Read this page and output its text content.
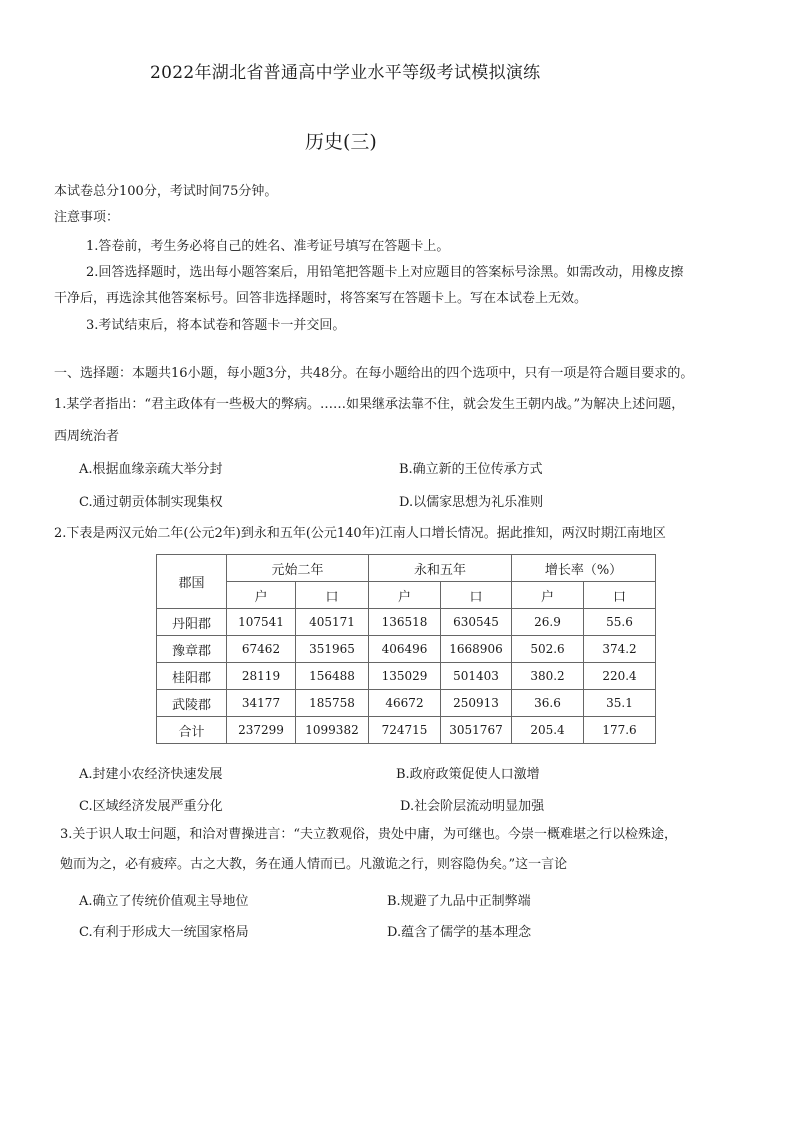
2022年湖北省普通高中学业水平等级考试模拟演练
历史(三)
本试卷总分100分，考试时间75分钟。
注意事项：
1.答卷前，考生务必将自己的姓名、准考证号填写在答题卡上。
2.回答选择题时，选出每小题答案后，用铅笔把答题卡上对应题目的答案标号涂黑。如需改动，用橡皮擦
干净后，再选涂其他答案标号。回答非选择题时，将答案写在答题卡上。写在本试卷上无效。
3.考试结束后，将本试卷和答题卡一并交回。
一、选择题：本题共16小题，每小题3分，共48分。在每小题给出的四个选项中，只有一项是符合题目要求的。
1.某学者指出：“君主政体有一些极大的弊病。……如果继承法靠不住，就会发生王朝内战。”为解决上述问题，
西周统治者
A.根据血缘亲疏大举分封	B.确立新的王位传承方式
C.通过朝贡体制实现集权	D.以儒家思想为礼乐准则
2.下表是两汉元始二年(公元2年)到永和五年(公元140年)江南人口增长情况。据此推知，两汉时期江南地区
郡国	元始二年		永和五年		增长率（%）	
	户	口	户	口	户	口
丹阳郡	107541	405171	136518	630545	26.9	55.6
豫章郡	67462	351965	406496	1668906	502.6	374.2
桂阳郡	28119	156488	135029	501403	380.2	220.4
武陵郡	34177	185758	46672	250913	36.6	35.1
合计	237299	1099382	724715	3051767	205.4	177.6
A.封建小农经济快速发展	B.政府政策促使人口激增
C.区域经济发展严重分化	D.社会阶层流动明显加强
3.关于识人取士问题，和洽对曹操进言：“夫立教观俗，贵处中庸，为可继也。今崇一概难堪之行以检殊途，
勉而为之，必有疲瘁。古之大教，务在通人情而已。凡激诡之行，则容隐伪矣。”这一言论
A.确立了传统价值观主导地位	B.规避了九品中正制弊端
C.有利于形成大一统国家格局	D.蕴含了儒学的基本理念
